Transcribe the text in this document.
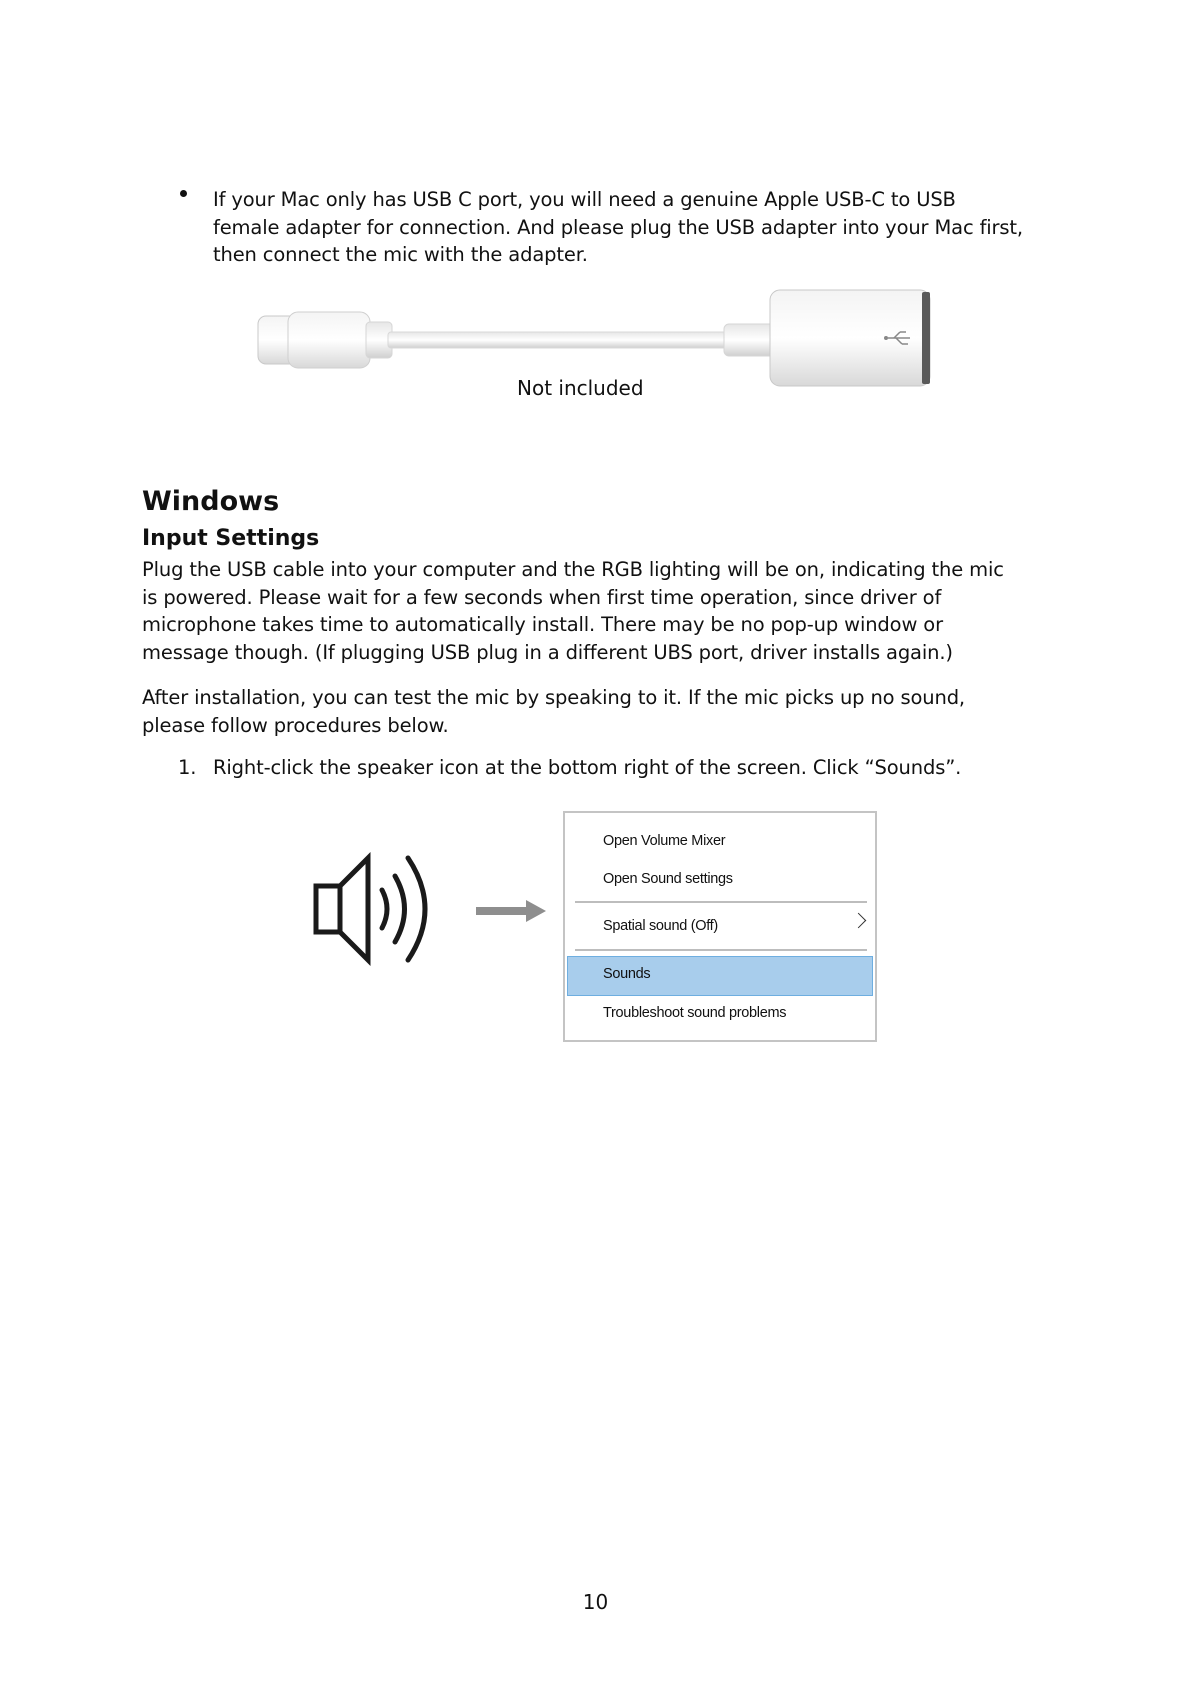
If your Mac only has USB C port, you will need a genuine Apple USB-C to USB
female adapter for connection. And please plug the USB adapter into your Mac first,
then connect the mic with the adapter.

Not included

Windows
Input Settings

Plug the USB cable into your computer and the RGB lighting will be on, indicating the mic
is powered. Please wait for a few seconds when first time operation, since driver of
microphone takes time to automatically install. There may be no pop-up window or
message though. (If plugging USB plug in a different UBS port, driver installs again.)

After installation, you can test the mic by speaking to it. If the mic picks up no sound,
please follow procedures below.

1. Right-click the speaker icon at the bottom right of the screen. Click “Sounds”.

Open Volume Mixer

Open Sound settings

Spatial sound (Off)

Sounds

Troubleshoot sound problems

10
